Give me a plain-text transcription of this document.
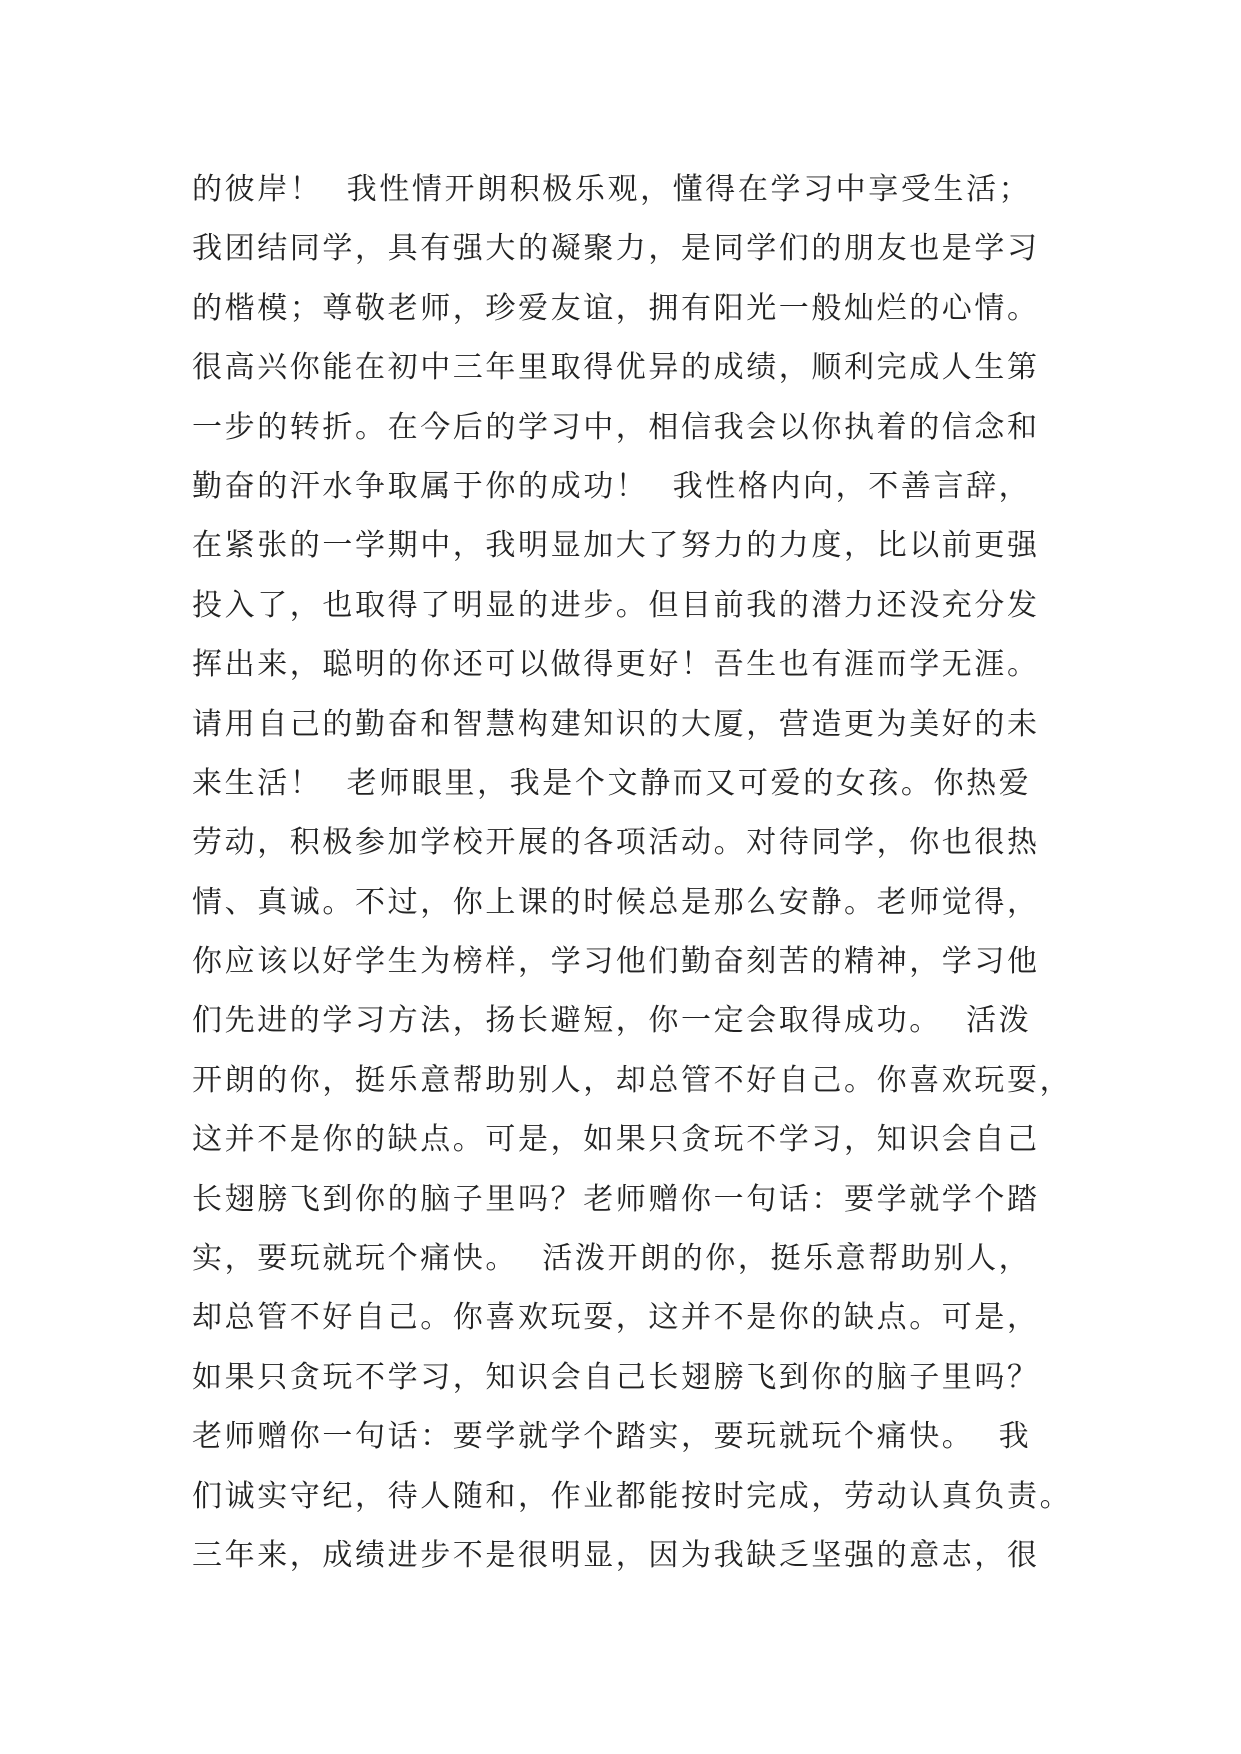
的彼岸！  我性情开朗积极乐观，懂得在学习中享受生活；
我团结同学，具有强大的凝聚力，是同学们的朋友也是学习
的楷模；尊敬老师，珍爱友谊，拥有阳光一般灿烂的心情。
很高兴你能在初中三年里取得优异的成绩，顺利完成人生第
一步的转折。在今后的学习中，相信我会以你执着的信念和
勤奋的汗水争取属于你的成功！  我性格内向，不善言辞，
在紧张的一学期中，我明显加大了努力的力度，比以前更强
投入了，也取得了明显的进步。但目前我的潜力还没充分发
挥出来，聪明的你还可以做得更好！吾生也有涯而学无涯。
请用自己的勤奋和智慧构建知识的大厦，营造更为美好的未
来生活！  老师眼里，我是个文静而又可爱的女孩。你热爱
劳动，积极参加学校开展的各项活动。对待同学，你也很热
情、真诚。不过，你上课的时候总是那么安静。老师觉得，
你应该以好学生为榜样，学习他们勤奋刻苦的精神，学习他
们先进的学习方法，扬长避短，你一定会取得成功。  活泼
开朗的你，挺乐意帮助别人，却总管不好自己。你喜欢玩耍，
这并不是你的缺点。可是，如果只贪玩不学习，知识会自己
长翅膀飞到你的脑子里吗？老师赠你一句话：要学就学个踏
实，要玩就玩个痛快。  活泼开朗的你，挺乐意帮助别人，
却总管不好自己。你喜欢玩耍，这并不是你的缺点。可是，
如果只贪玩不学习，知识会自己长翅膀飞到你的脑子里吗？
老师赠你一句话：要学就学个踏实，要玩就玩个痛快。  我
们诚实守纪，待人随和，作业都能按时完成，劳动认真负责。
三年来，成绩进步不是很明显，因为我缺乏坚强的意志，很
